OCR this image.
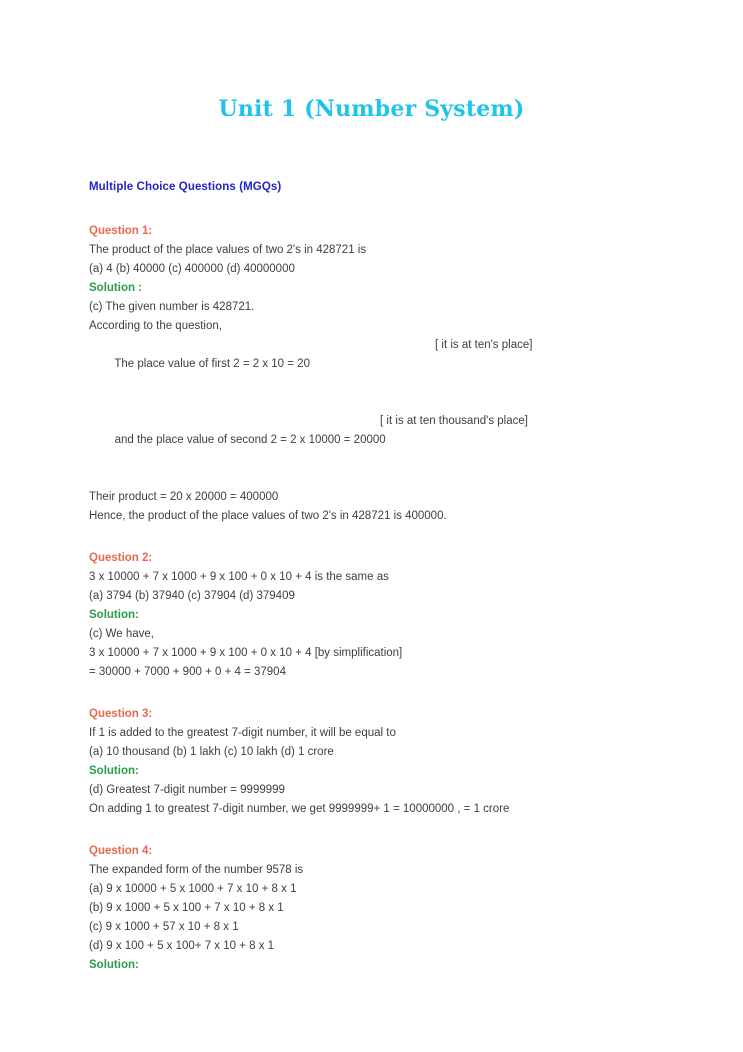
Unit 1 (Number System)
Multiple Choice Questions (MGQs)
Question 1:
The product of the place values of two 2's in 428721 is
(a) 4 (b) 40000 (c) 400000 (d) 40000000
Solution :
(c) The given number is 428721.
According to the question,

The place value of first 2 = 2 x 10 = 20

[ it is at ten's place]

and the place value of second 2 = 2 x 10000 = 20000

[ it is at ten thousand's place]

Their product = 20 x 20000 = 400000
Hence, the product of the place values of two 2's in 428721 is 400000.
Question 2:
3 x 10000 + 7 x 1000 + 9 x 100 + 0 x 10 + 4 is the same as
(a) 3794 (b) 37940 (c) 37904 (d) 379409
Solution:
(c) We have,
3 x 10000 + 7 x 1000 + 9 x 100 + 0 x 10 + 4 [by simplification]
= 30000 + 7000 + 900 + 0 + 4 = 37904
Question 3:
If 1 is added to the greatest 7-digit number, it will be equal to
(a) 10 thousand (b) 1 lakh (c) 10 lakh (d) 1 crore
Solution:
(d) Greatest 7-digit number = 9999999
On adding 1 to greatest 7-digit number, we get 9999999+ 1 = 10000000 , = 1 crore
Question 4:
The expanded form of the number 9578 is
(a) 9 x 10000 + 5 x 1000 + 7 x 10 + 8 x 1
(b) 9 x 1000 + 5 x 100 + 7 x 10 + 8 x 1
(c) 9 x 1000 + 57 x 10 + 8 x 1
(d) 9 x 100 + 5 x 100+ 7 x 10 + 8 x 1
Solution:
